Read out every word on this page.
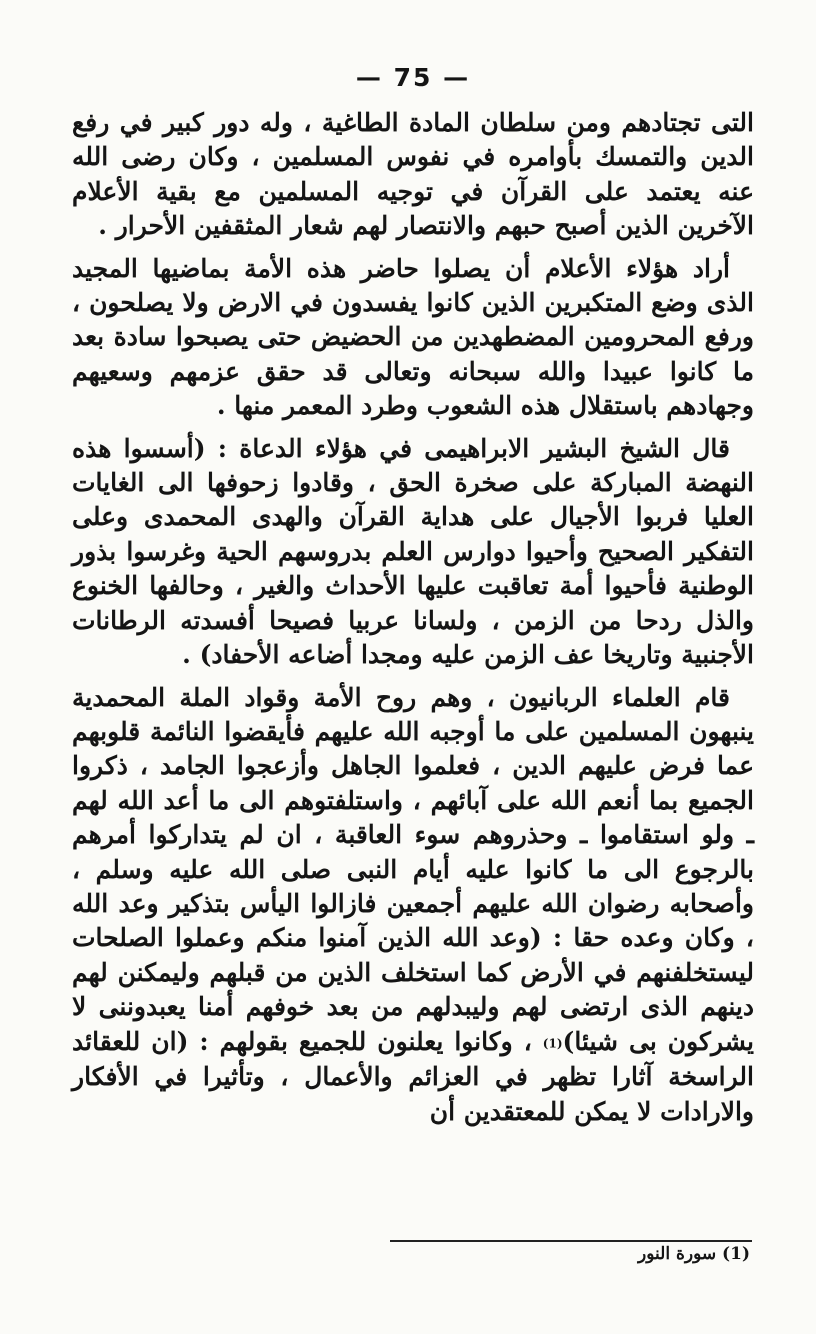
— 75 —

التى تجتادهم ومن سلطان المادة الطاغية ، وله دور كبير في رفع الدين والتمسك بأوامره في نفوس المسلمين ، وكان رضى الله عنه يعتمد على القرآن في توجيه المسلمين مع بقية الأعلام الآخرين الذين أصبح حبهم والانتصار لهم شعار المثقفين الأحرار .

أراد هؤلاء الأعلام أن يصلوا حاضر هذه الأمة بماضيها المجيد الذى وضع المتكبرين الذين كانوا يفسدون في الارض ولا يصلحون ، ورفع المحرومين المضطهدين من الحضيض حتى يصبحوا سادة بعد ما كانوا عبيدا والله سبحانه وتعالى قد حقق عزمهم وسعيهم وجهادهم باستقلال هذه الشعوب وطرد المعمر منها .

قال الشيخ البشير الابراهيمى في هؤلاء الدعاة : (أسسوا هذه النهضة المباركة على صخرة الحق ، وقادوا زحوفها الى الغايات العليا فربوا الأجيال على هداية القرآن والهدى المحمدى وعلى التفكير الصحيح وأحيوا دوارس العلم بدروسهم الحية وغرسوا بذور الوطنية فأحيوا أمة تعاقبت عليها الأحداث والغير ، وحالفها الخنوع والذل ردحا من الزمن ، ولسانا عربيا فصيحا أفسدته الرطانات الأجنبية وتاريخا عف الزمن عليه ومجدا أضاعه الأحفاد) .

قام العلماء الربانيون ، وهم روح الأمة وقواد الملة المحمدية ينبهون المسلمين على ما أوجبه الله عليهم فأيقضوا النائمة قلوبهم عما فرض عليهم الدين ، فعلموا الجاهل وأزعجوا الجامد ، ذكروا الجميع بما أنعم الله على آبائهم ، واستلفتوهم الى ما أعد الله لهم ـ ولو استقاموا ـ وحذروهم سوء العاقبة ، ان لم يتداركوا أمرهم بالرجوع الى ما كانوا عليه أيام النبى صلى الله عليه وسلم ، وأصحابه رضوان الله عليهم أجمعين فازالوا اليأس بتذكير وعد الله ، وكان وعده حقا : (وعد الله الذين آمنوا منكم وعملوا الصلحات ليستخلفنهم في الأرض كما استخلف الذين من قبلهم وليمكنن لهم دينهم الذى ارتضى لهم وليبدلهم من بعد خوفهم أمنا يعبدوننى لا يشركون بى شيئا)(1) ، وكانوا يعلنون للجميع بقولهم : (ان للعقائد الراسخة آثارا تظهر في العزائم والأعمال ، وتأثيرا في الأفكار والارادات لا يمكن للمعتقدين أن

(1) سورة النور
